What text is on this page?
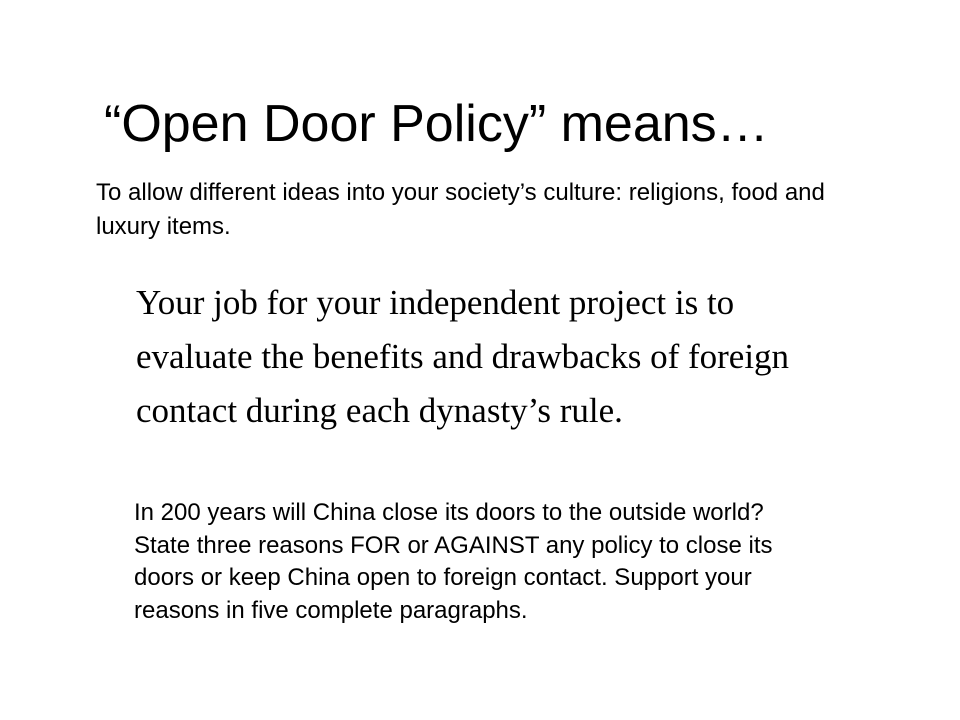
“Open Door Policy” means…

To allow different ideas into your society’s culture: religions, food and luxury items.

Your job for your independent project is to evaluate the benefits and drawbacks of foreign contact during each dynasty’s rule.

In 200 years will China close its doors to the outside world? State three reasons FOR or AGAINST any policy to close its doors or keep China open to foreign contact. Support your reasons in five complete paragraphs.
